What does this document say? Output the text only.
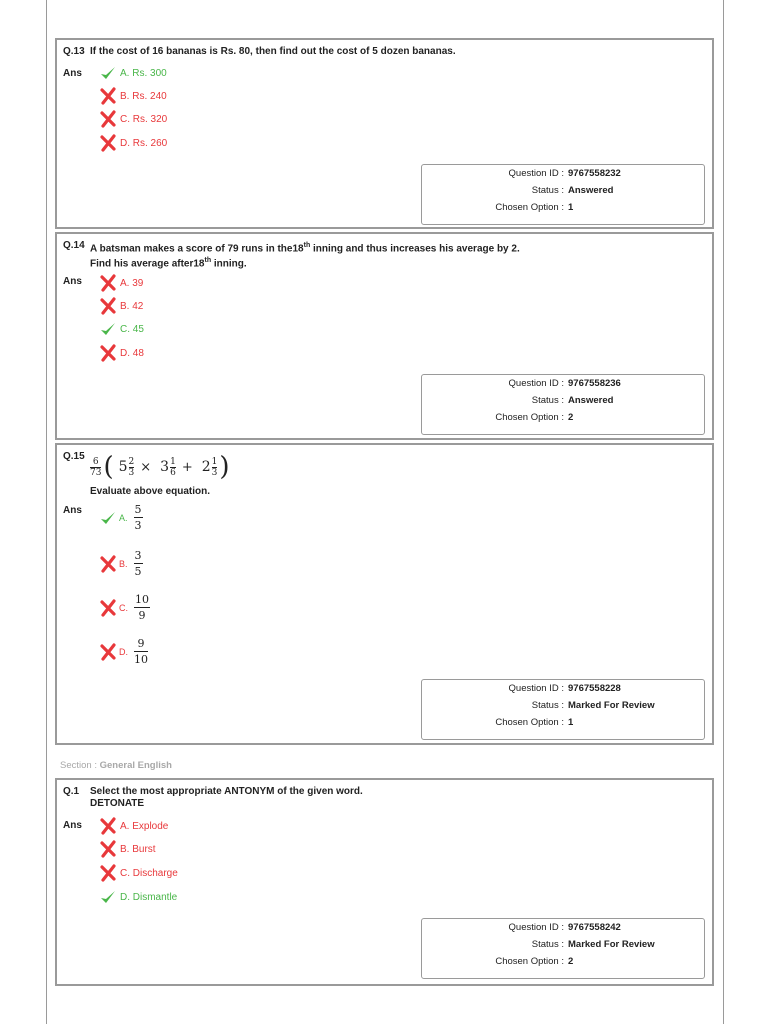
Q.13 If the cost of 16 bananas is Rs. 80, then find out the cost of 5 dozen bananas.
Ans	A. Rs. 300
B. Rs. 240
C. Rs. 320
D. Rs. 260
Question ID : 9767558232
Status : Answered
Chosen Option : 1
Q.14 A batsman makes a score of 79 runs in the18th inning and thus increases his average by 2.
Find his average after18th inning.
Ans	A. 39
B. 42
C. 45
D. 48
Question ID : 9767558236
Status : Answered
Chosen Option : 2
Q.15 6
73 ( 5 2
3 × 3 1
6 + 2 1
3 )
Evaluate above equation.
Ans
A. $\frac{5}{3}$
B. $\frac{3}{5}$
C. $\frac{10}{9}$
D. $\frac{9}{10}$
Question ID : 9767558228
Status : Marked For Review
Chosen Option : 1
Section : General English
Q.1	Select the most appropriate ANTONYM of the given word.
DETONATE
Ans	A. Explode
B. Burst
C. Discharge
D. Dismantle
Question ID : 9767558242
Status : Marked For Review
Chosen Option : 2
